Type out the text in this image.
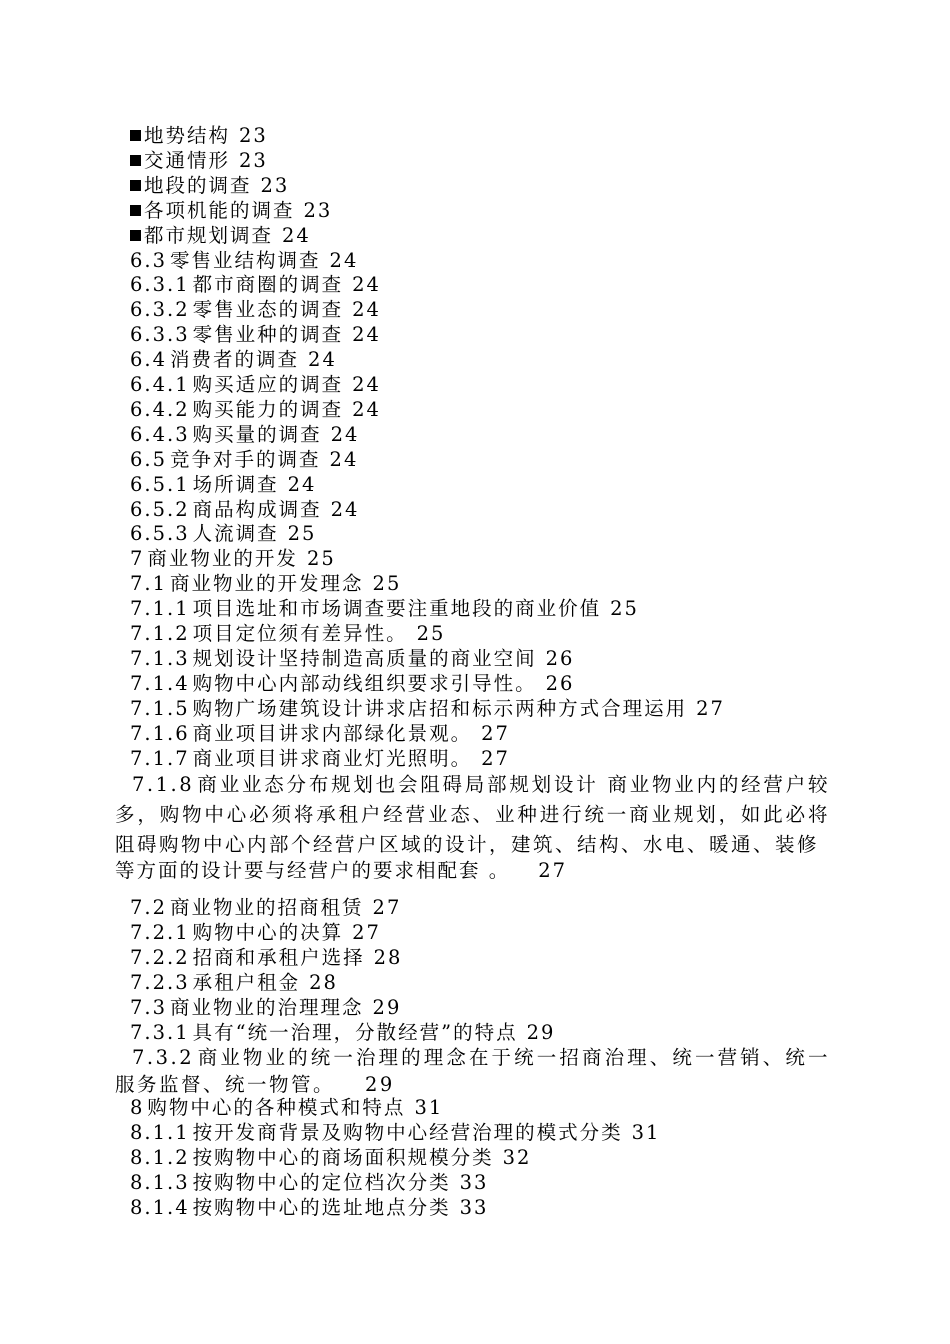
地势结构 23
交通情形 23
地段的调查 23
各项机能的调查 23
都市规划调查 24
6.3 零售业结构调查 24
6.3.1 都市商圈的调查 24
6.3.2 零售业态的调查 24
6.3.3 零售业种的调查 24
6.4 消费者的调查 24
6.4.1 购买适应的调查 24
6.4.2 购买能力的调查 24
6.4.3 购买量的调查 24
6.5 竞争对手的调查 24
6.5.1 场所调查 24
6.5.2 商品构成调查 24
6.5.3 人流调查 25
7 商业物业的开发 25
7.1 商业物业的开发理念 25
7.1.1 项目选址和市场调查要注重地段的商业价值 25
7.1.2 项目定位须有差异性。 25
7.1.3 规划设计坚持制造高质量的商业空间 26
7.1.4 购物中心内部动线组织要求引导性。 26
7.1.5 购物广场建筑设计讲求店招和标示两种方式合理运用 27
7.1.6 商业项目讲求内部绿化景观。 27
7.1.7 商业项目讲求商业灯光照明。 27
7.1.8 商业业态分布规划也会阻碍局部规划设计 商业物业内的经营户较多，购物中心必须将承租户经营业态、业种进行统一商业规划，如此必将阻碍购物中心内部个经营户区域的设计，建筑、结构、水电、暖通、装修
等方面的设计要与经营户的要求相配套 。 27
7.2 商业物业的招商租赁 27
7.2.1 购物中心的决算 27
7.2.2 招商和承租户选择 28
7.2.3 承租户租金 28
7.3 商业物业的治理理念 29
7.3.1 具有“统一治理，分散经营”的特点 29
7.3.2 商业物业的统一治理的理念在于统一招商治理、统一营销、统一服务监督、统一物管。 29
8 购物中心的各种模式和特点 31
8.1.1 按开发商背景及购物中心经营治理的模式分类 31
8.1.2 按购物中心的商场面积规模分类 32
8.1.3 按购物中心的定位档次分类 33
8.1.4 按购物中心的选址地点分类 33
